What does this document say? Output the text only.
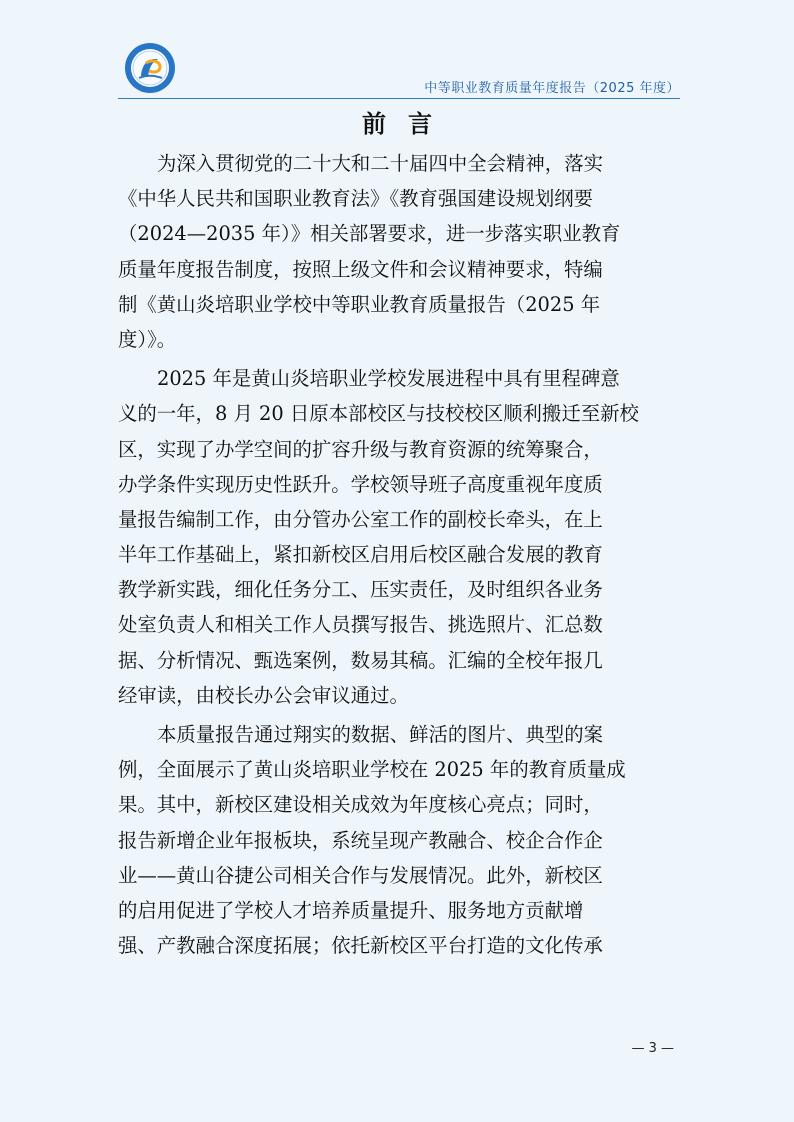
中等职业教育质量年度报告（2025 年度）
前言
为深入贯彻党的二十大和二十届四中全会精神，落实
《中华人民共和国职业教育法》《教育强国建设规划纲要
（2024—2035 年）》相关部署要求，进一步落实职业教育
质量年度报告制度，按照上级文件和会议精神要求，特编
制《黄山炎培职业学校中等职业教育质量报告（2025 年
度）》。
2025 年是黄山炎培职业学校发展进程中具有里程碑意
义的一年，8 月 20 日原本部校区与技校校区顺利搬迁至新校
区，实现了办学空间的扩容升级与教育资源的统筹聚合，
办学条件实现历史性跃升。学校领导班子高度重视年度质
量报告编制工作，由分管办公室工作的副校长牵头，在上
半年工作基础上，紧扣新校区启用后校区融合发展的教育
教学新实践，细化任务分工、压实责任，及时组织各业务
处室负责人和相关工作人员撰写报告、挑选照片、汇总数
据、分析情况、甄选案例，数易其稿。汇编的全校年报几
经审读，由校长办公会审议通过。
本质量报告通过翔实的数据、鲜活的图片、典型的案
例，全面展示了黄山炎培职业学校在 2025 年的教育质量成
果。其中，新校区建设相关成效为年度核心亮点；同时，
报告新增企业年报板块，系统呈现产教融合、校企合作企
业——黄山谷捷公司相关合作与发展情况。此外，新校区
的启用促进了学校人才培养质量提升、服务地方贡献增
强、产教融合深度拓展；依托新校区平台打造的文化传承
— 3 —
